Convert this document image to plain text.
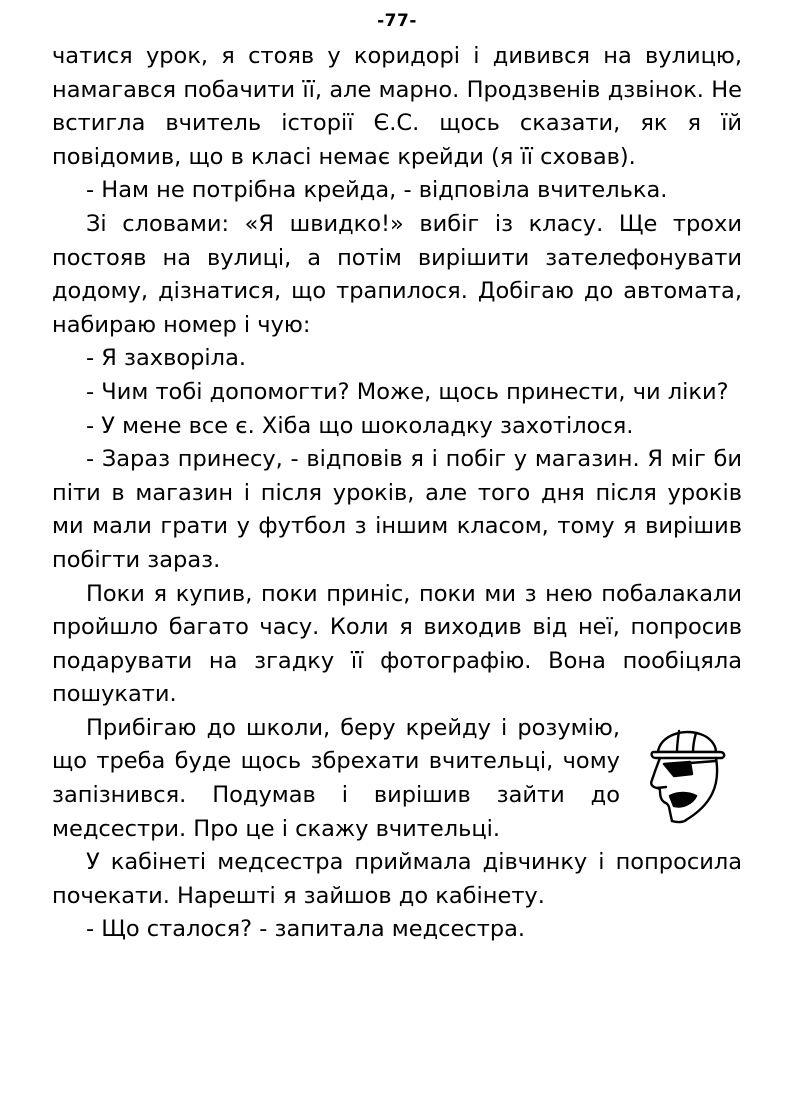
-77-

чатися урок, я стояв у коридорі і дивився на вулицю, намагався побачити її, але марно. Продзвенів дзвінок. Не встигла вчитель історії Є.С. щось сказати, як я їй повідомив, що в класі немає крейди (я її сховав).

- Нам не потрібна крейда, - відповіла вчителька.

Зі словами: «Я швидко!» вибіг із класу. Ще трохи постояв на вулиці, а потім вирішити зателефонувати додому, дізнатися, що трапилося. Добігаю до автомата, набираю номер і чую:

- Я захворіла.

- Чим тобі допомогти? Може, щось принести, чи ліки?

- У мене все є. Хіба що шоколадку захотілося.

- Зараз принесу, - відповів я і побіг у магазин. Я міг би піти в магазин і після уроків, але того дня після уроків ми мали грати у футбол з іншим класом, тому я вирішив побігти зараз.

Поки я купив, поки приніс, поки ми з нею побалакали пройшло багато часу. Коли я виходив від неї, попросив подарувати на згадку її фотографію. Вона пообіцяла пошукати.

Прибігаю до школи, беру крейду і розумію, що треба буде щось збрехати вчительці, чому запізнився. Подумав і вирішив зайти до медсестри. Про це і скажу вчительці.

У кабінеті медсестра приймала дівчинку і попросила почекати. Нарешті я зайшов до кабінету.

- Що сталося? - запитала медсестра.
